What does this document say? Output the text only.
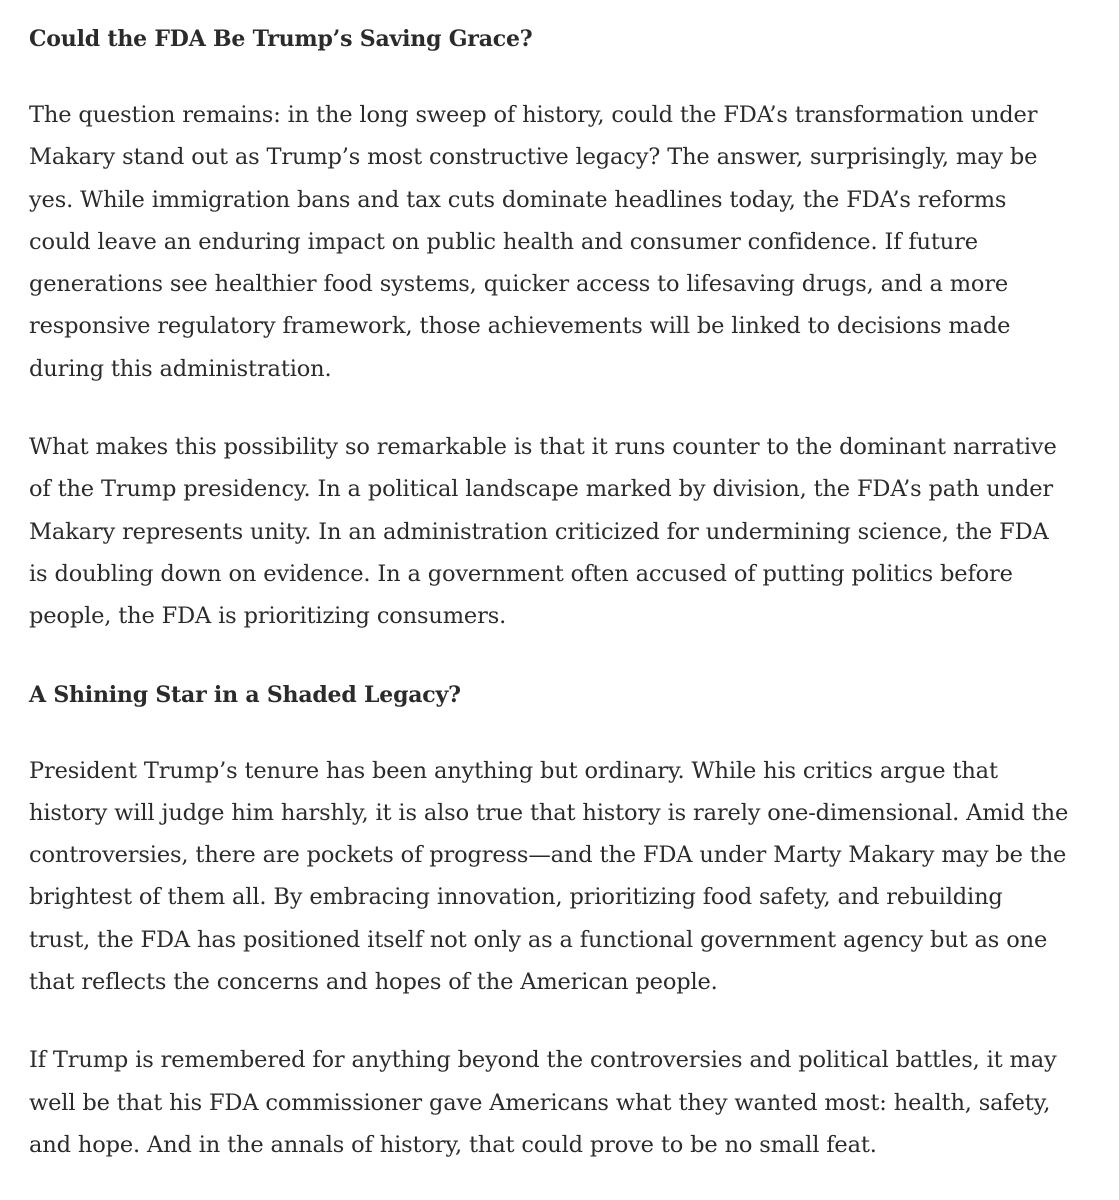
Could the FDA Be Trump’s Saving Grace?

The question remains: in the long sweep of history, could the FDA’s transformation under Makary stand out as Trump’s most constructive legacy? The answer, surprisingly, may be yes. While immigration bans and tax cuts dominate headlines today, the FDA’s reforms could leave an enduring impact on public health and consumer confidence. If future generations see healthier food systems, quicker access to lifesaving drugs, and a more responsive regulatory framework, those achievements will be linked to decisions made during this administration.

What makes this possibility so remarkable is that it runs counter to the dominant narrative of the Trump presidency. In a political landscape marked by division, the FDA’s path under Makary represents unity. In an administration criticized for undermining science, the FDA is doubling down on evidence. In a government often accused of putting politics before people, the FDA is prioritizing consumers.

A Shining Star in a Shaded Legacy?

President Trump’s tenure has been anything but ordinary. While his critics argue that history will judge him harshly, it is also true that history is rarely one-dimensional. Amid the controversies, there are pockets of progress—and the FDA under Marty Makary may be the brightest of them all. By embracing innovation, prioritizing food safety, and rebuilding trust, the FDA has positioned itself not only as a functional government agency but as one that reflects the concerns and hopes of the American people.

If Trump is remembered for anything beyond the controversies and political battles, it may well be that his FDA commissioner gave Americans what they wanted most: health, safety, and hope. And in the annals of history, that could prove to be no small feat.
